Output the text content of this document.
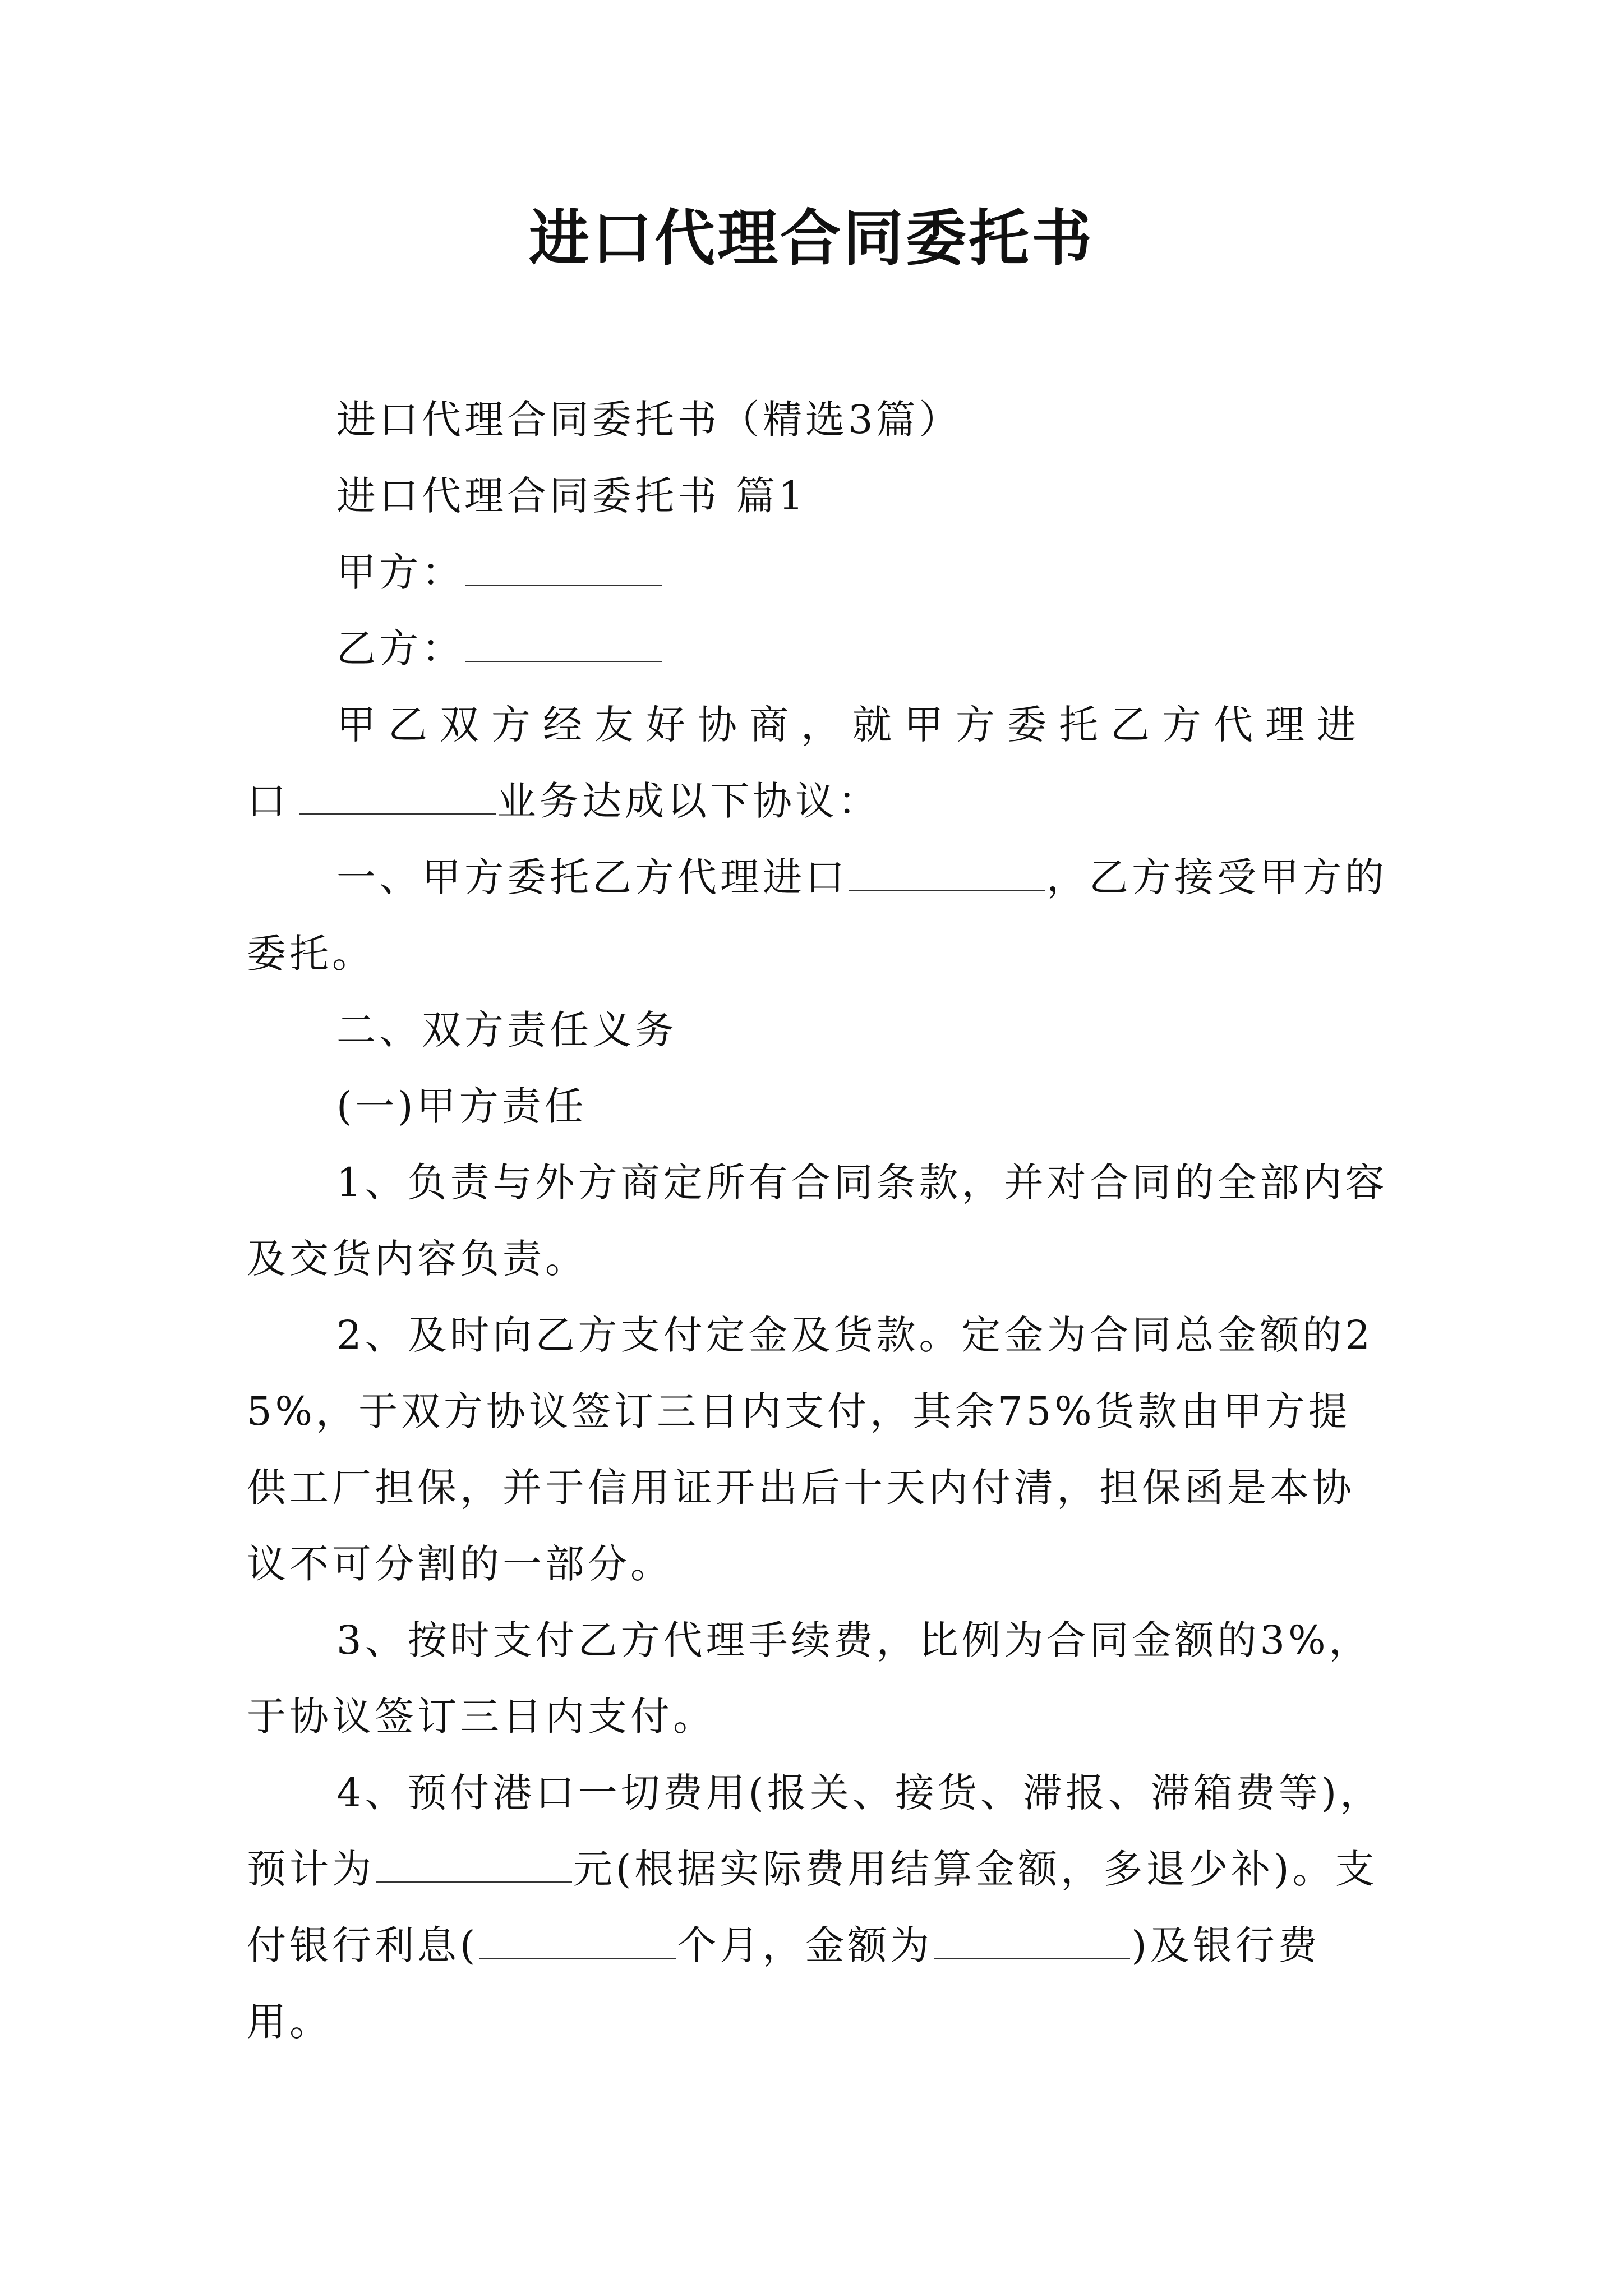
进口代理合同委托书

进口代理合同委托书（精选3篇）

进口代理合同委托书 篇1

甲方：

乙方：

甲乙双方经友好协商，就甲方委托乙方代理进口	业务达成以下协议：

一、甲方委托乙方代理进口	，乙方接受甲方的委托。

二、双方责任义务

(一)甲方责任

1、负责与外方商定所有合同条款，并对合同的全部内容及交货内容负责。

2、及时向乙方支付定金及货款。定金为合同总金额的25%，于双方协议签订三日内支付，其余75%货款由甲方提供工厂担保，并于信用证开出后十天内付清，担保函是本协议不可分割的一部分。

3、按时支付乙方代理手续费，比例为合同金额的3%，于协议签订三日内支付。

4、预付港口一切费用(报关、接货、滞报、滞箱费等)，预计为	元(根据实际费用结算金额，多退少补)。支付银行利息(	个月，金额为	)及银行费用。
